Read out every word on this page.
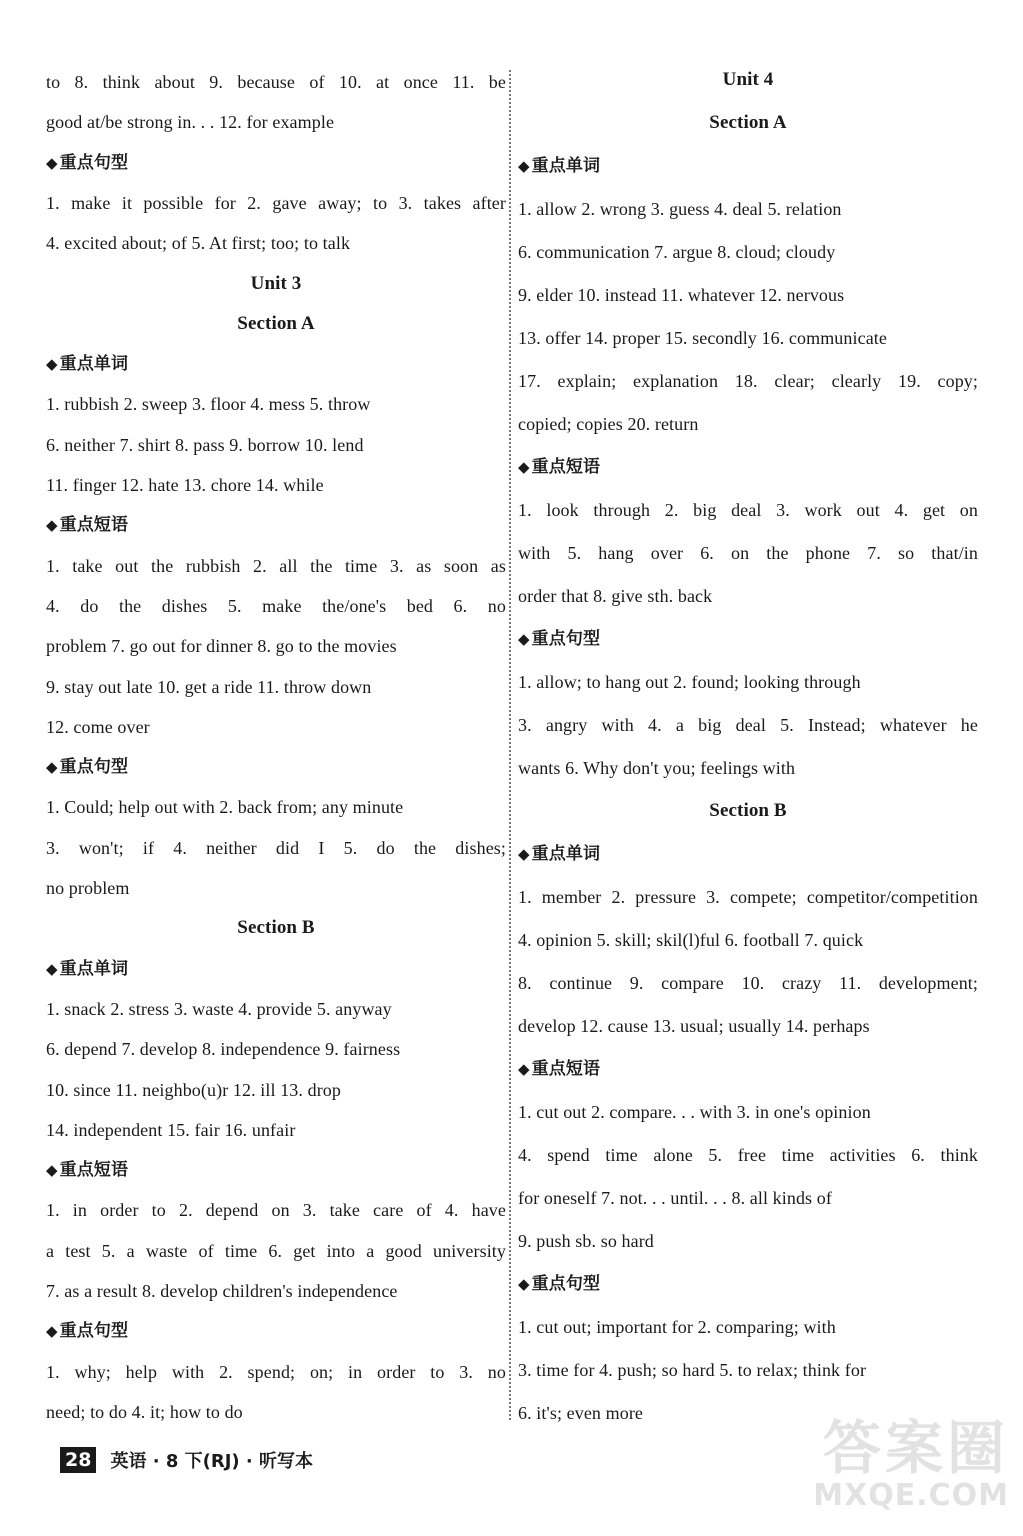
to 8. think about 9. because of 10. at once 11. be
good at/be strong in. . . 12. for example
◆ 重点句型
1. make it possible for 2. gave away; to 3. takes after
4. excited about; of 5. At first; too; to talk
Unit 3
Section A
◆ 重点单词
1. rubbish 2. sweep 3. floor 4. mess 5. throw
6. neither 7. shirt 8. pass 9. borrow 10. lend
11. finger 12. hate 13. chore 14. while
◆ 重点短语
1. take out the rubbish 2. all the time 3. as soon as
4. do the dishes 5. make the/one's bed 6. no
problem 7. go out for dinner 8. go to the movies
9. stay out late 10. get a ride 11. throw down
12. come over
◆ 重点句型
1. Could; help out with 2. back from; any minute
3. won't; if 4. neither did I 5. do the dishes;
no problem
Section B
◆ 重点单词
1. snack 2. stress 3. waste 4. provide 5. anyway
6. depend 7. develop 8. independence 9. fairness
10. since 11. neighbo(u)r 12. ill 13. drop
14. independent 15. fair 16. unfair
◆ 重点短语
1. in order to 2. depend on 3. take care of 4. have
a test 5. a waste of time 6. get into a good university
7. as a result 8. develop children's independence
◆ 重点句型
1. why; help with 2. spend; on; in order to 3. no
need; to do 4. it; how to do
Unit 4
Section A
◆ 重点单词
1. allow 2. wrong 3. guess 4. deal 5. relation
6. communication 7. argue 8. cloud; cloudy
9. elder 10. instead 11. whatever 12. nervous
13. offer 14. proper 15. secondly 16. communicate
17. explain; explanation 18. clear; clearly 19. copy;
copied; copies 20. return
◆ 重点短语
1. look through 2. big deal 3. work out 4. get on
with 5. hang over 6. on the phone 7. so that/in
order that 8. give sth. back
◆ 重点句型
1. allow; to hang out 2. found; looking through
3. angry with 4. a big deal 5. Instead; whatever he
wants 6. Why don't you; feelings with
Section B
◆ 重点单词
1. member 2. pressure 3. compete; competitor/competition
4. opinion 5. skill; skil(l)ful 6. football 7. quick
8. continue 9. compare 10. crazy 11. development;
develop 12. cause 13. usual; usually 14. perhaps
◆ 重点短语
1. cut out 2. compare. . . with 3. in one's opinion
4. spend time alone 5. free time activities 6. think
for oneself 7. not. . . until. . . 8. all kinds of
9. push sb. so hard
◆ 重点句型
1. cut out; important for 2. comparing; with
3. time for 4. push; so hard 5. to relax; think for
6. it's; even more
28 英语 · 8 下(RJ) · 听写本	答案圈
MXQE.COM
